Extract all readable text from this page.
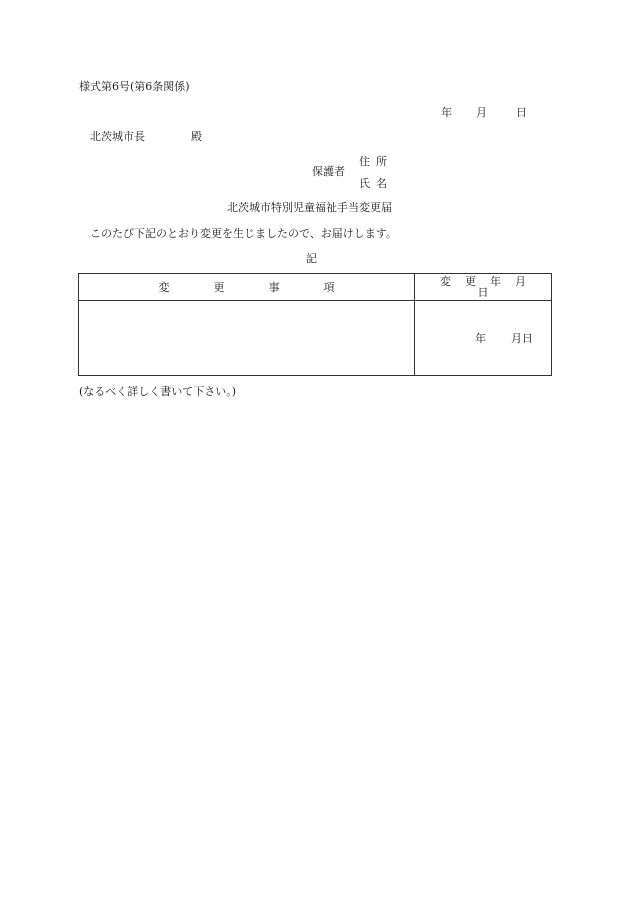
様式第6号(第6条関係)
年 月	日
北茨城市長	殿
保護者
住所
氏名
北茨城市特別児童福祉手当変更届
このたび下記のとおり変更を生じましたので、お届けします。
記
変更事項	変更年月日
	年 月日
(なるべく詳しく書いて下さい。)
